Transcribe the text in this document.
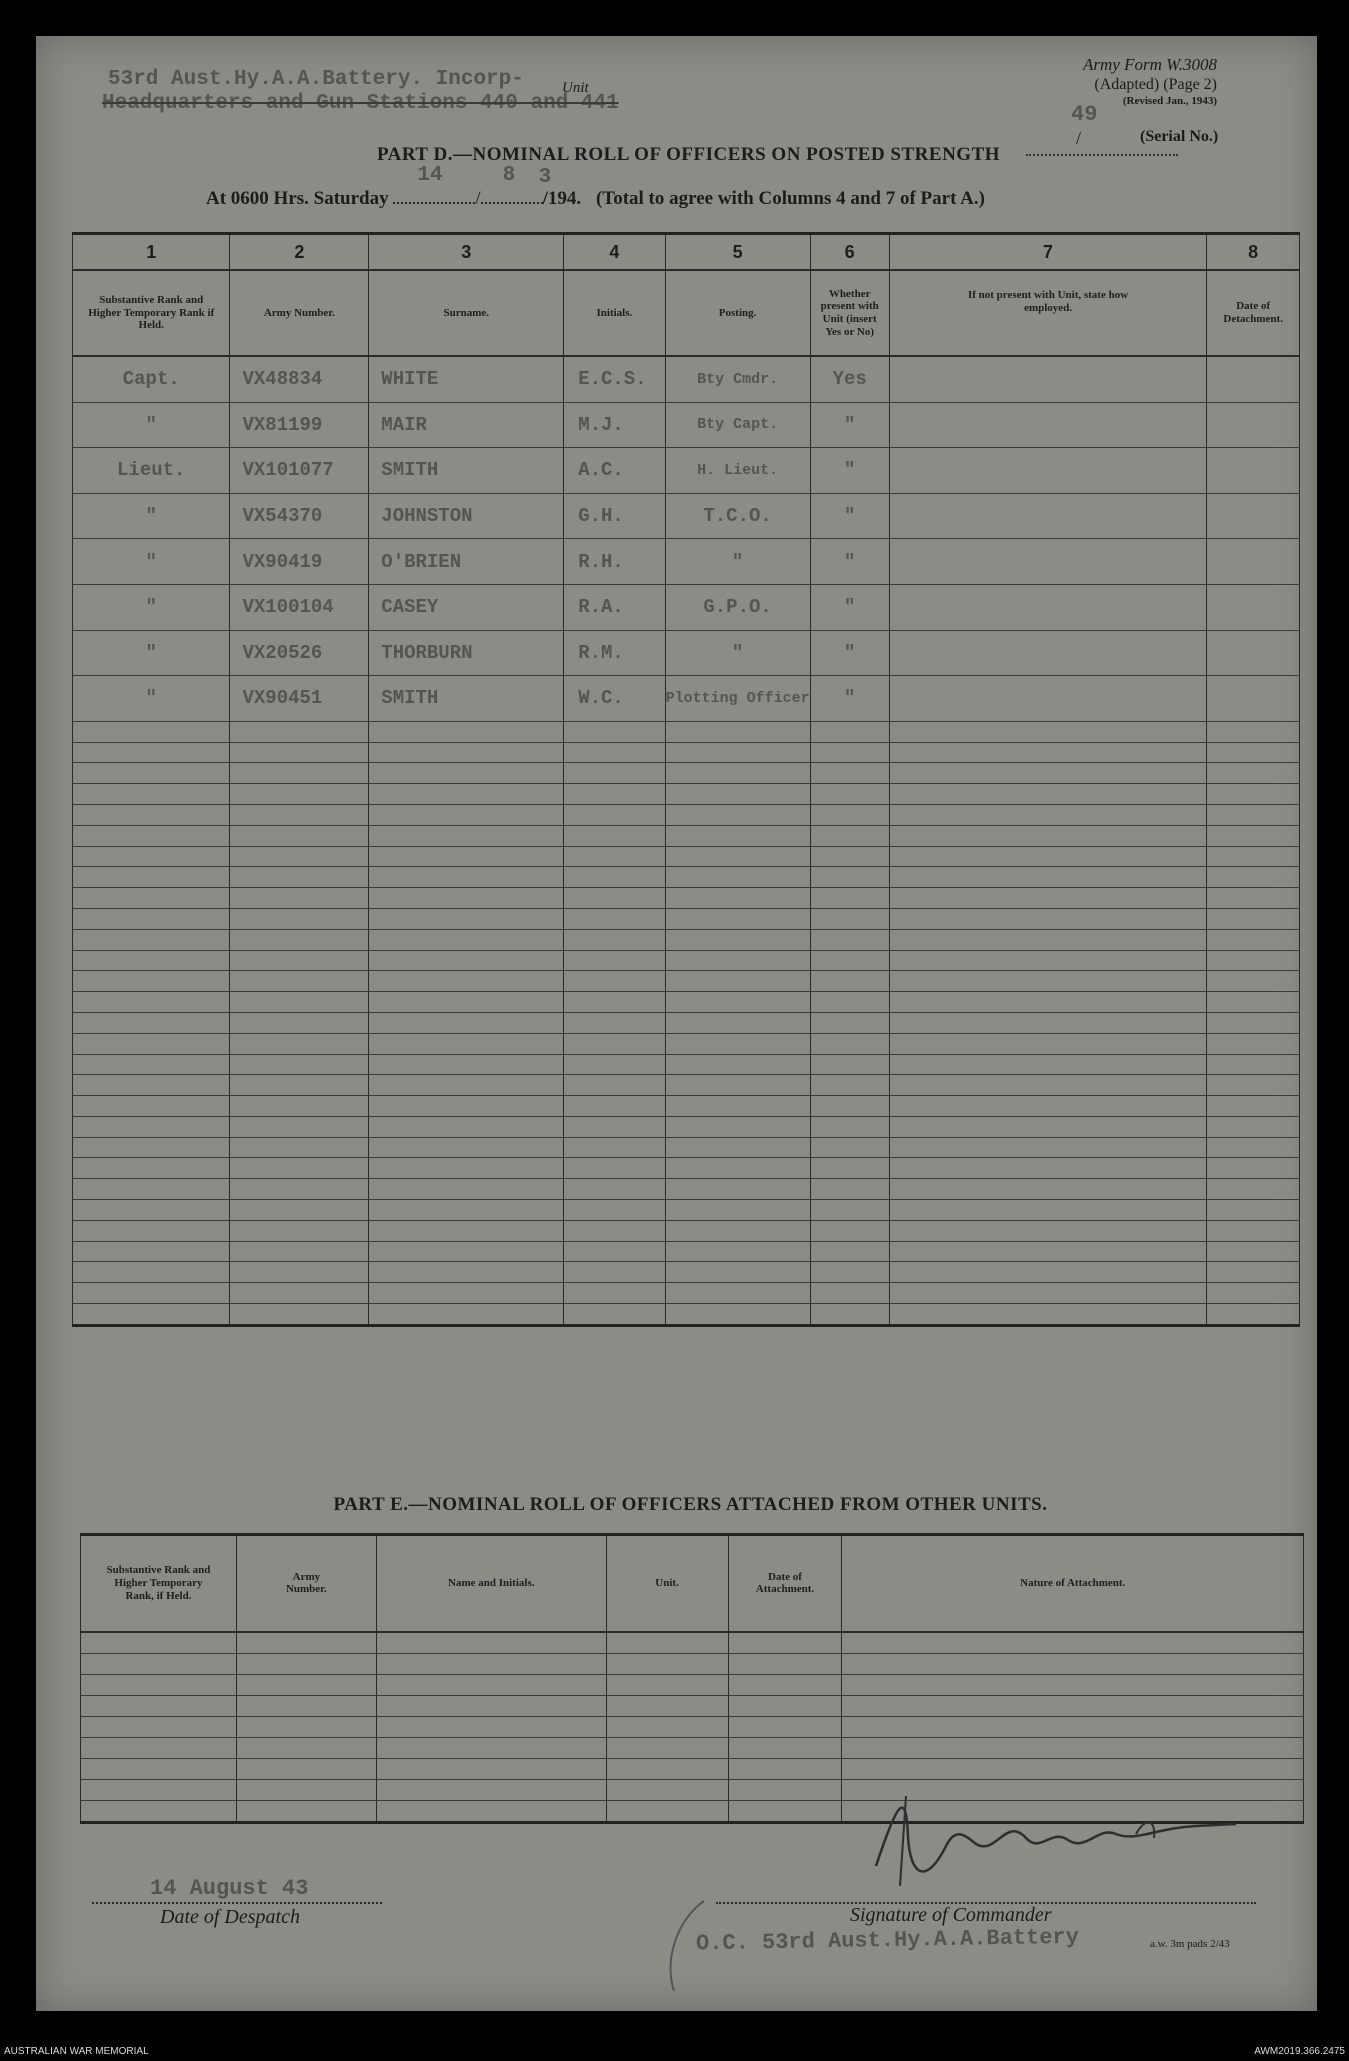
53rd Aust.Hy.A.A.Battery. Incorp-
Headquarters and Gun Stations 440 and 441
Unit
Army Form W.3008
(Adapted) (Page 2)
(Revised Jan., 1943)
49
/	(Serial No.)
PART D.—NOMINAL ROLL OF OFFICERS ON POSTED STRENGTH
At 0600 Hrs. Saturday
14
/
8
/194.
3
(Total to agree with Columns 4 and 7 of Part A.)
1	2	3	4	5	6	7	8
Substantive Rank and Higher Temporary Rank if Held.	Army Number.	Surname.	Initials.	Posting.	Whether present with Unit (insert Yes or No)	If not present with Unit, state how employed.	Date of Detachment.
Capt.	VX48834	WHITE	E.C.S.	Bty Cmdr.	Yes		
"	VX81199	MAIR	M.J.	Bty Capt.	"		
Lieut.	VX101077	SMITH	A.C.	H. Lieut.	"		
"	VX54370	JOHNSTON	G.H.	T.C.O.	"		
"	VX90419	O'BRIEN	R.H.	"	"		
"	VX100104	CASEY	R.A.	G.P.O.	"		
"	VX20526	THORBURN	R.M.	"	"		
"	VX90451	SMITH	W.C.	Plotting Officer	"		

PART E.—NOMINAL ROLL OF OFFICERS ATTACHED FROM OTHER UNITS.
Substantive Rank and Higher Temporary Rank, if Held.	Army Number.	Name and Initials.	Unit.	Date of Attachment.	Nature of Attachment.

14 August 43
Date of Despatch	Signature of Commander
O.C. 53rd Aust.Hy.A.A.Battery	a.w. 3m pads 2/43
AUSTRALIAN WAR MEMORIAL	AWM2019.366.2475
